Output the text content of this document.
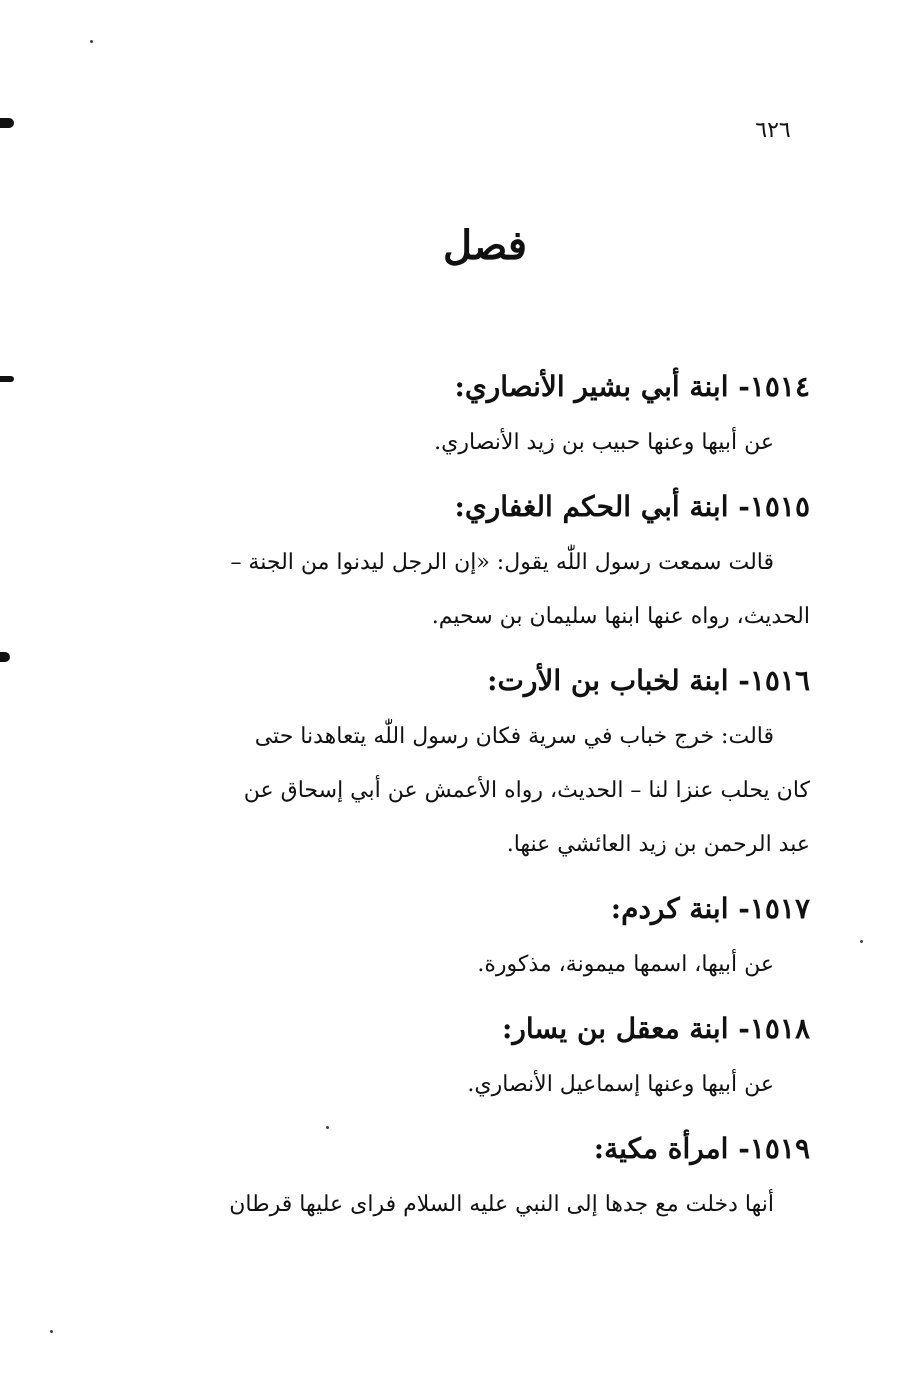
٦٢٦
فصل
١٥١٤- ابنة أبي بشير الأنصاري:
عن أبيها وعنها حبيب بن زيد الأنصاري.
١٥١٥- ابنة أبي الحكم الغفاري:
قالت سمعت رسول اللّٰه يقول: «إن الرجل ليدنوا من الجنة –
الحديث، رواه عنها ابنها سليمان بن سحيم.
١٥١٦- ابنة لخباب بن الأرت:
قالت: خرج خباب في سرية فكان رسول اللّٰه يتعاهدنا حتى
كان يحلب عنزا لنا – الحديث، رواه الأعمش عن أبي إسحاق عن
عبد الرحمن بن زيد العائشي عنها.
١٥١٧- ابنة كردم:
عن أبيها، اسمها ميمونة، مذكورة.
١٥١٨- ابنة معقل بن يسار:
عن أبيها وعنها إسماعيل الأنصاري.
١٥١٩- امرأة مكية:
أنها دخلت مع جدها إلى النبي عليه السلام فراى عليها قرطان
